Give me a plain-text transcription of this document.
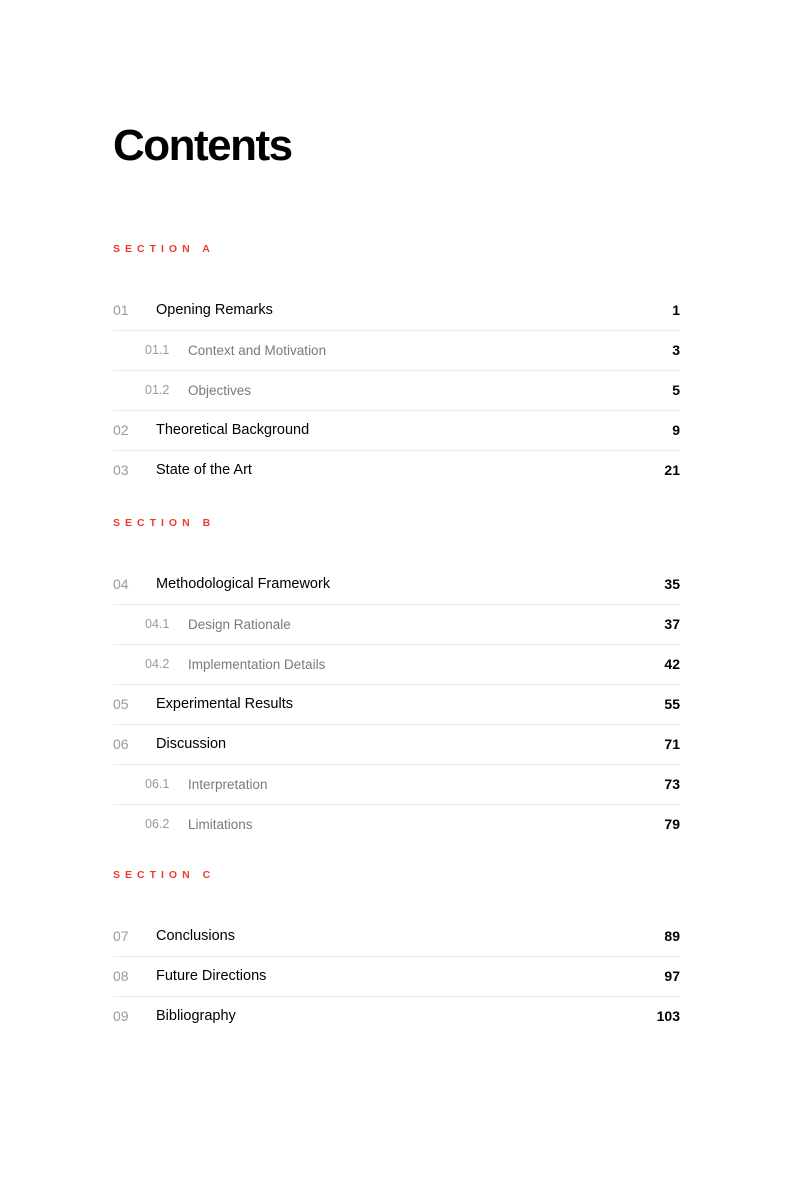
Contents
SECTION A
01 Opening Remarks	1
01.1 Context and Motivation	3
01.2 Objectives	5
02 Theoretical Background	9
03 State of the Art	21
SECTION B
04 Methodological Framework	35
04.1 Design Rationale	37
04.2 Implementation Details	42
05 Experimental Results	55
06 Discussion	71
06.1 Interpretation	73
06.2 Limitations	79
SECTION C
07 Conclusions	89
08 Future Directions	97
09 Bibliography	103
